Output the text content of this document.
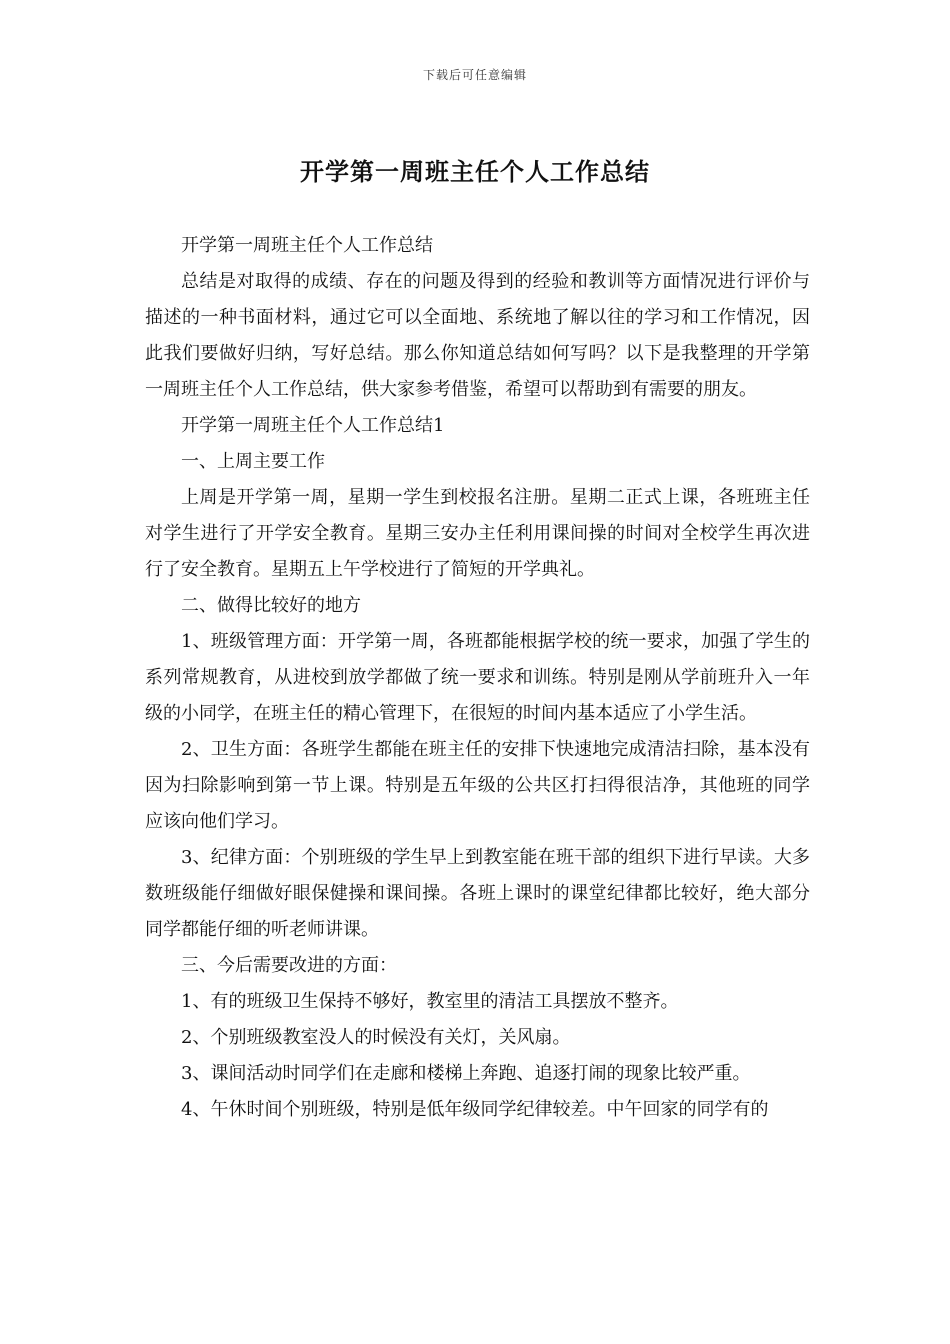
下载后可任意编辑
开学第一周班主任个人工作总结

开学第一周班主任个人工作总结

总结是对取得的成绩、存在的问题及得到的经验和教训等方面情况进行评价与描述的一种书面材料，通过它可以全面地、系统地了解以往的学习和工作情况，因此我们要做好归纳，写好总结。那么你知道总结如何写吗？以下是我整理的开学第一周班主任个人工作总结，供大家参考借鉴，希望可以帮助到有需要的朋友。

开学第一周班主任个人工作总结1

一、上周主要工作

上周是开学第一周，星期一学生到校报名注册。星期二正式上课，各班班主任对学生进行了开学安全教育。星期三安办主任利用课间操的时间对全校学生再次进行了安全教育。星期五上午学校进行了简短的开学典礼。

二、做得比较好的地方

1、班级管理方面：开学第一周，各班都能根据学校的统一要求，加强了学生的系列常规教育，从进校到放学都做了统一要求和训练。特别是刚从学前班升入一年级的小同学，在班主任的精心管理下，在很短的时间内基本适应了小学生活。

2、卫生方面：各班学生都能在班主任的安排下快速地完成清洁扫除，基本没有因为扫除影响到第一节上课。特别是五年级的公共区打扫得很洁净，其他班的同学应该向他们学习。

3、纪律方面：个别班级的学生早上到教室能在班干部的组织下进行早读。大多数班级能仔细做好眼保健操和课间操。各班上课时的课堂纪律都比较好，绝大部分同学都能仔细的听老师讲课。

三、今后需要改进的方面：

1、有的班级卫生保持不够好，教室里的清洁工具摆放不整齐。

2、个别班级教室没人的时候没有关灯，关风扇。

3、课间活动时同学们在走廊和楼梯上奔跑、追逐打闹的现象比较严重。

4、午休时间个别班级，特别是低年级同学纪律较差。中午回家的同学有的
